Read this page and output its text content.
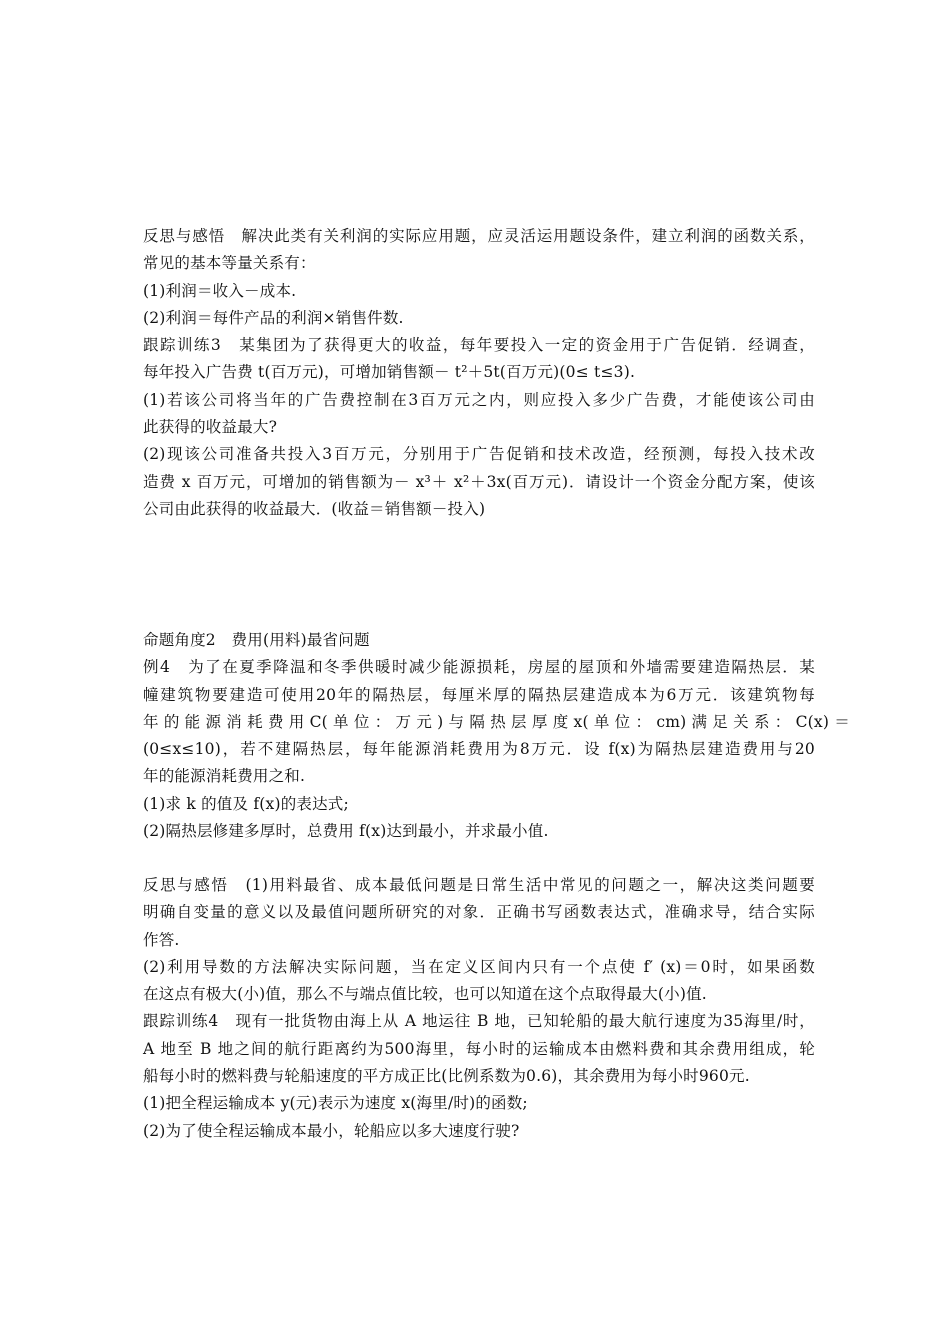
反思与感悟　解决此类有关利润的实际应用题，应灵活运用题设条件，建立利润的函数关系，
常见的基本等量关系有：
(1)利润＝收入－成本.
(2)利润＝每件产品的利润×销售件数.
跟踪训练3　某集团为了获得更大的收益，每年要投入一定的资金用于广告促销．经调查，
每年投入广告费 t(百万元)，可增加销售额－ t²＋5t(百万元)(0≤ t≤3).
(1)若该公司将当年的广告费控制在3百万元之内，则应投入多少广告费，才能使该公司由
此获得的收益最大?
(2)现该公司准备共投入3百万元，分别用于广告促销和技术改造，经预测，每投入技术改
造费 x 百万元，可增加的销售额为－ x³＋ x²＋3x(百万元)．请设计一个资金分配方案，使该
公司由此获得的收益最大．(收益＝销售额－投入)
命题角度2　费用(用料)最省问题
例4　为了在夏季降温和冬季供暖时减少能源损耗，房屋的屋顶和外墙需要建造隔热层．某
幢建筑物要建造可使用20年的隔热层，每厘米厚的隔热层建造成本为6万元．该建筑物每
年 的 能 源 消 耗 费 用 C( 单 位 ： 万 元 ) 与 隔 热 层 厚 度 x( 单 位 ： cm) 满 足 关 系 ： C(x) ＝
(0≤x≤10)，若不建隔热层，每年能源消耗费用为8万元．设 f(x)为隔热层建造费用与20
年的能源消耗费用之和.
(1)求 k 的值及 f(x)的表达式;
(2)隔热层修建多厚时，总费用 f(x)达到最小，并求最小值.
反思与感悟　(1)用料最省、成本最低问题是日常生活中常见的问题之一，解决这类问题要
明确自变量的意义以及最值问题所研究的对象．正确书写函数表达式，准确求导，结合实际
作答.
(2)利用导数的方法解决实际问题，当在定义区间内只有一个点使 f′ (x)＝0时，如果函数
在这点有极大(小)值，那么不与端点值比较，也可以知道在这个点取得最大(小)值.
跟踪训练4　现有一批货物由海上从 A 地运往 B 地，已知轮船的最大航行速度为35海里/时，
A 地至 B 地之间的航行距离约为500海里，每小时的运输成本由燃料费和其余费用组成，轮
船每小时的燃料费与轮船速度的平方成正比(比例系数为0.6)，其余费用为每小时960元.
(1)把全程运输成本 y(元)表示为速度 x(海里/时)的函数;
(2)为了使全程运输成本最小，轮船应以多大速度行驶?
